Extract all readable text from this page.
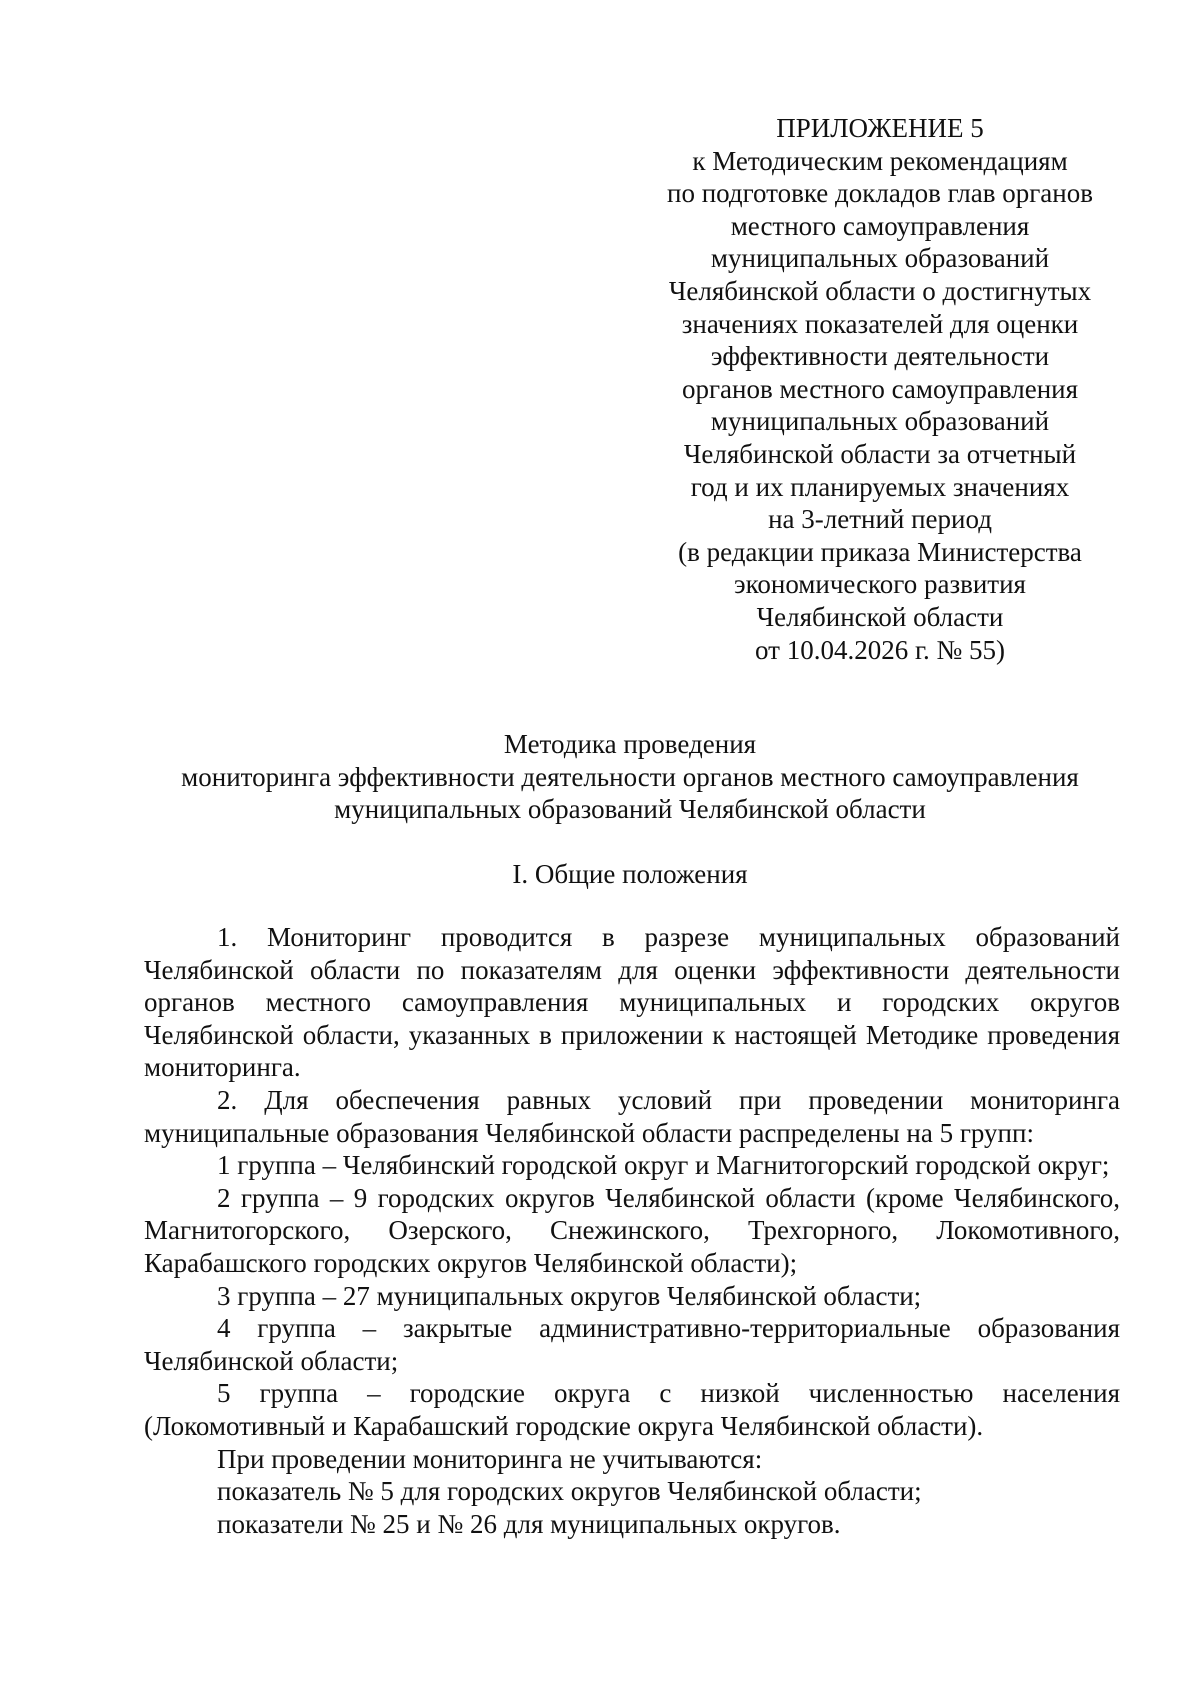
ПРИЛОЖЕНИЕ 5
к Методическим рекомендациям
по подготовке докладов глав органов
местного самоуправления
муниципальных образований
Челябинской области о достигнутых
значениях показателей для оценки
эффективности деятельности
органов местного самоуправления
муниципальных образований
Челябинской области за отчетный
год и их планируемых значениях
на 3-летний период
(в редакции приказа Министерства
экономического развития
Челябинской области
от 10.04.2026 г. № 55)
Методика проведения
мониторинга эффективности деятельности органов местного самоуправления
муниципальных образований Челябинской области
I. Общие положения

1. Мониторинг проводится в разрезе муниципальных образований Челябинской области по показателям для оценки эффективности деятельности органов местного самоуправления муниципальных и городских округов Челябинской области, указанных в приложении к настоящей Методике проведения мониторинга.

2. Для обеспечения равных условий при проведении мониторинга муниципальные образования Челябинской области распределены на 5 групп:

1 группа – Челябинский городской округ и Магнитогорский городской округ;

2 группа – 9 городских округов Челябинской области (кроме Челябинского, Магнитогорского, Озерского, Снежинского, Трехгорного, Локомотивного, Карабашского городских округов Челябинской области);

3 группа – 27 муниципальных округов Челябинской области;

4 группа – закрытые административно-территориальные образования Челябинской области;

5 группа – городские округа с низкой численностью населения (Локомотивный и Карабашский городские округа Челябинской области).

При проведении мониторинга не учитываются:

показатель № 5 для городских округов Челябинской области;

показатели № 25 и № 26 для муниципальных округов.
